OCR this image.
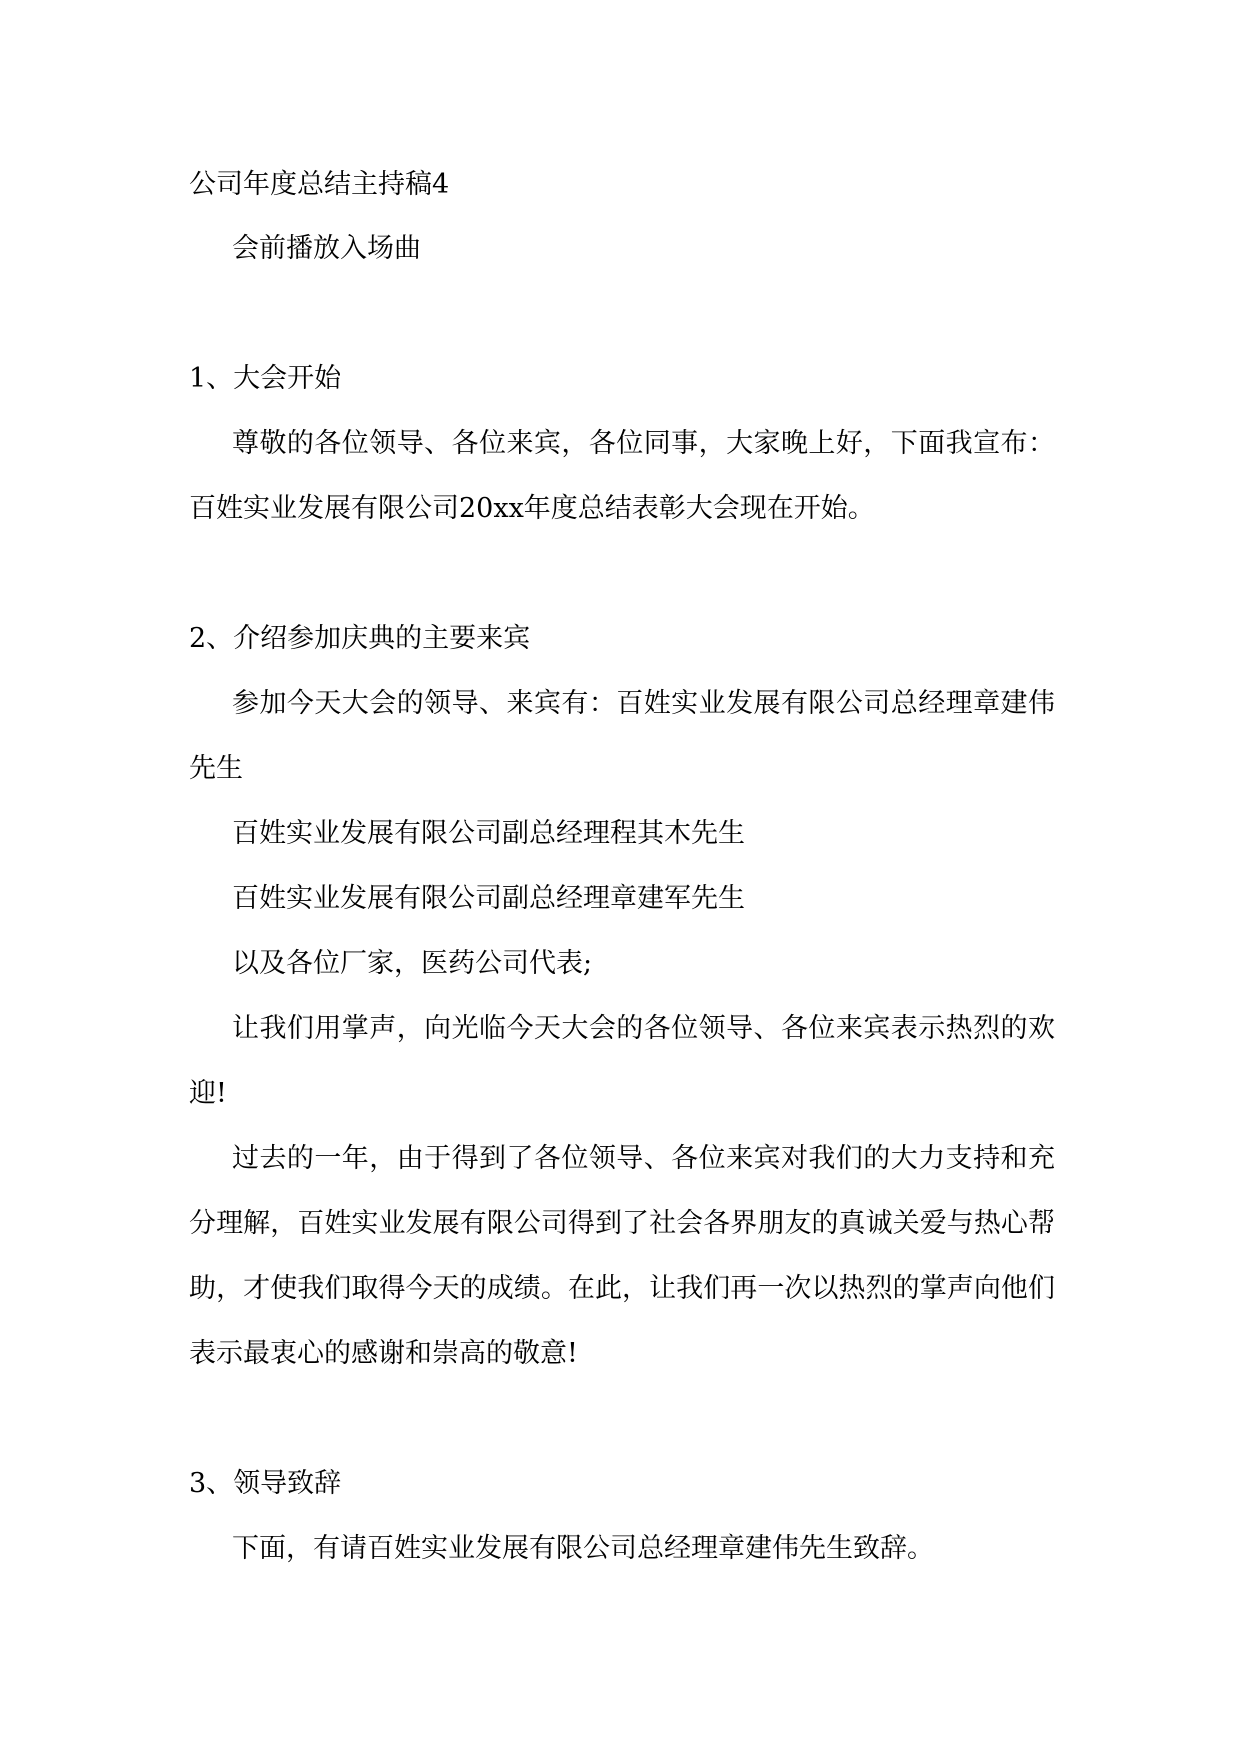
公司年度总结主持稿4

会前播放入场曲

1、大会开始

尊敬的各位领导、各位来宾，各位同事，大家晚上好，下面我宣布：百姓实业发展有限公司20xx年度总结表彰大会现在开始。

2、介绍参加庆典的主要来宾

参加今天大会的领导、来宾有：百姓实业发展有限公司总经理章建伟先生

百姓实业发展有限公司副总经理程其木先生

百姓实业发展有限公司副总经理章建军先生

以及各位厂家，医药公司代表;

让我们用掌声，向光临今天大会的各位领导、各位来宾表示热烈的欢迎!

过去的一年，由于得到了各位领导、各位来宾对我们的大力支持和充分理解，百姓实业发展有限公司得到了社会各界朋友的真诚关爱与热心帮助，才使我们取得今天的成绩。在此，让我们再一次以热烈的掌声向他们表示最衷心的感谢和崇高的敬意!

3、领导致辞

下面，有请百姓实业发展有限公司总经理章建伟先生致辞。
